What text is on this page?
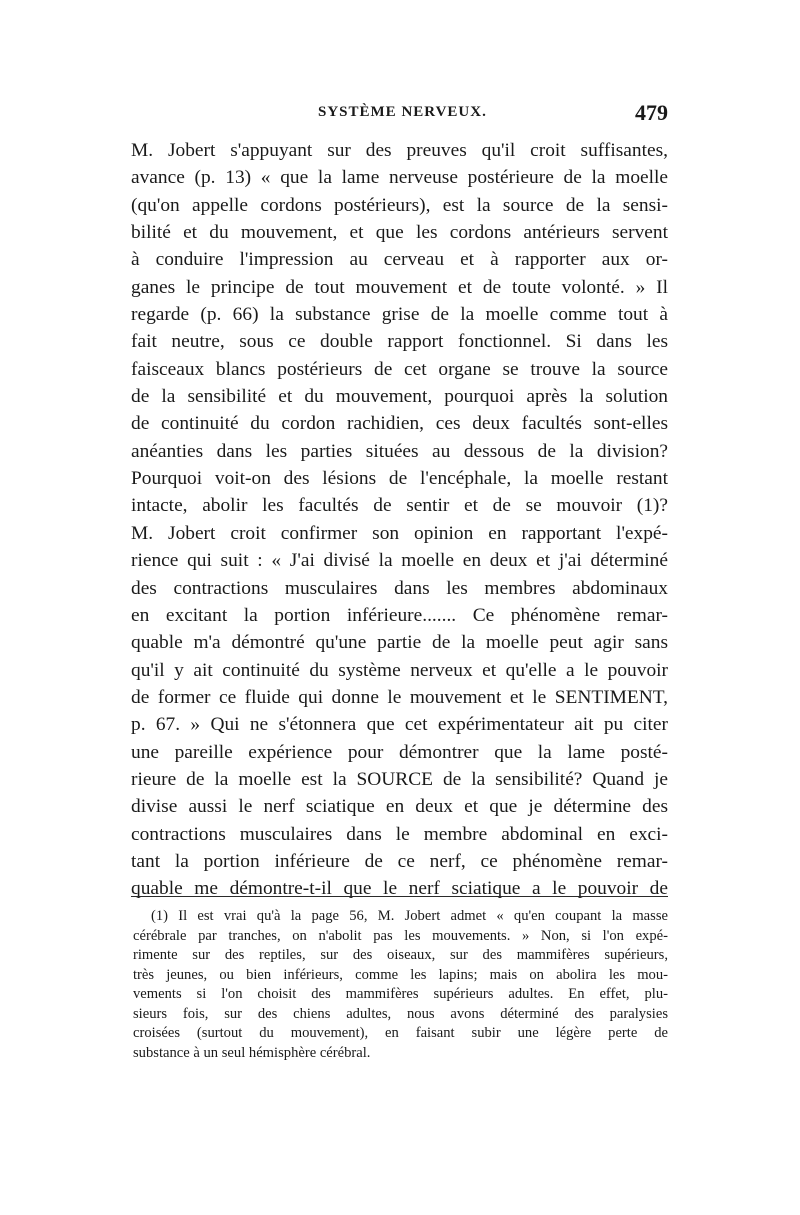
SYSTÈME NERVEUX.	479
M. Jobert s'appuyant sur des preuves qu'il croit suffisantes,
avance (p. 13) « que la lame nerveuse postérieure de la moelle
(qu'on appelle cordons postérieurs), est la source de la sensi-
bilité et du mouvement, et que les cordons antérieurs servent
à conduire l'impression au cerveau et à rapporter aux or-
ganes le principe de tout mouvement et de toute volonté. » Il
regarde (p. 66) la substance grise de la moelle comme tout à
fait neutre, sous ce double rapport fonctionnel. Si dans les
faisceaux blancs postérieurs de cet organe se trouve la source
de la sensibilité et du mouvement, pourquoi après la solution
de continuité du cordon rachidien, ces deux facultés sont-elles
anéanties dans les parties situées au dessous de la division?
Pourquoi voit-on des lésions de l'encéphale, la moelle restant
intacte, abolir les facultés de sentir et de se mouvoir (1)?
M. Jobert croit confirmer son opinion en rapportant l'expé-
rience qui suit : « J'ai divisé la moelle en deux et j'ai déterminé
des contractions musculaires dans les membres abdominaux
en excitant la portion inférieure....... Ce phénomène remar-
quable m'a démontré qu'une partie de la moelle peut agir sans
qu'il y ait continuité du système nerveux et qu'elle a le pouvoir
de former ce fluide qui donne le mouvement et le SENTIMENT,
p. 67. » Qui ne s'étonnera que cet expérimentateur ait pu citer
une pareille expérience pour démontrer que la lame posté-
rieure de la moelle est la SOURCE de la sensibilité? Quand je
divise aussi le nerf sciatique en deux et que je détermine des
contractions musculaires dans le membre abdominal en exci-
tant la portion inférieure de ce nerf, ce phénomène remar-
quable me démontre-t-il que le nerf sciatique a le pouvoir de
(1) Il est vrai qu'à la page 56, M. Jobert admet « qu'en coupant la masse
cérébrale par tranches, on n'abolit pas les mouvements. » Non, si l'on expé-
rimente sur des reptiles, sur des oiseaux, sur des mammifères supérieurs,
très jeunes, ou bien inférieurs, comme les lapins; mais on abolira les mou-
vements si l'on choisit des mammifères supérieurs adultes. En effet, plu-
sieurs fois, sur des chiens adultes, nous avons déterminé des paralysies
croisées (surtout du mouvement), en faisant subir une légère perte de
substance à un seul hémisphère cérébral.
